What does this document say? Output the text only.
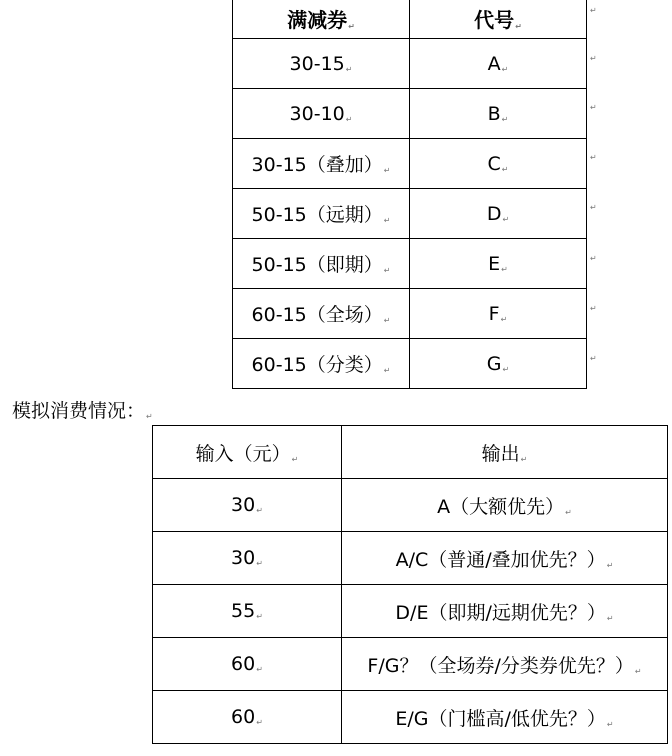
满减券↵	代号↵
30-15↵	A↵
30-10↵	B↵
30-15（叠加）↵	C↵
50-15（远期）↵	D↵
50-15（即期）↵	E↵
60-15（全场）↵	F↵
60-15（分类）↵	G↵
↵
↵
↵
↵
↵
↵
↵
↵
模拟消费情况：↵
输入（元）↵	输出↵
30↵	A（大额优先）↵
30↵	A/C（普通/叠加优先？）↵
55↵	D/E（即期/远期优先？）↵
60↵	F/G？（全场券/分类券优先？）↵
60↵	E/G（门槛高/低优先？）↵
